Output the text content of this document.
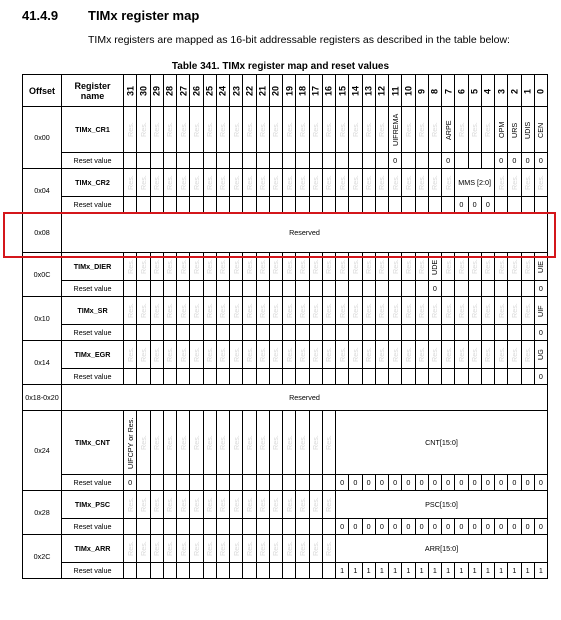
41.4.9 TIMx register map
TIMx registers are mapped as 16-bit addressable registers as described in the table below:
Table 341. TIMx register map and reset values
Offset	Register name	31	30	29	28	27	26	25	24	23	22	21	20	19	18	17	16	15	14	13	12	11	10	9	8	7	6	5	4	3	2	1	0
0x00	TIMx_CR1	Res.	Res.	Res.	Res.	Res.	Res.	Res.	Res.	Res.	Res.	Res.	Res.	Res.	Res.	Res.	Res.	Res.	Res.	Res.	Res.	UIFREMA	Res.	Res.	Res.	ARPE	Res.	Res.	Res.	OPM	URS	UDIS	CEN
	Reset value																					0				0				0	0	0	0
0x04	TIMx_CR2	Res.	Res.	Res.	Res.	Res.	Res.	Res.	Res.	Res.	Res.	Res.	Res.	Res.	Res.	Res.	Res.	Res.	Res.	Res.	Res.	Res.	Res.	Res.	Res.	Res.	MMS [2:0]			Res.	Res.	Res.	Res.
	Reset value																										0	0	0				
0x08	Reserved																																
0x0C	TIMx_DIER	Res.	Res.	Res.	Res.	Res.	Res.	Res.	Res.	Res.	Res.	Res.	Res.	Res.	Res.	Res.	Res.	Res.	Res.	Res.	Res.	Res.	Res.	Res.	UDE	Res.	Res.	Res.	Res.	Res.	Res.	Res.	UIE
	Reset value																								0								0
0x10	TIMx_SR	Res.	Res.	Res.	Res.	Res.	Res.	Res.	Res.	Res.	Res.	Res.	Res.	Res.	Res.	Res.	Res.	Res.	Res.	Res.	Res.	Res.	Res.	Res.	Res.	Res.	Res.	Res.	Res.	Res.	Res.	Res.	UIF
	Reset value																																0
0x14	TIMx_EGR	Res.	Res.	Res.	Res.	Res.	Res.	Res.	Res.	Res.	Res.	Res.	Res.	Res.	Res.	Res.	Res.	Res.	Res.	Res.	Res.	Res.	Res.	Res.	Res.	Res.	Res.	Res.	Res.	Res.	Res.	Res.	UG
	Reset value																																0
0x18-0x20	Reserved																																
0x24	TIMx_CNT	UIFCPY or Res.	Res.	Res.	Res.	Res.	Res.	Res.	Res.	Res.	Res.	Res.	Res.	Res.	Res.	Res.	Res.	CNT[15:0]															
	Reset value	0																0	0	0	0	0	0	0	0	0	0	0	0	0	0	0	0
0x28	TIMx_PSC	Res.	Res.	Res.	Res.	Res.	Res.	Res.	Res.	Res.	Res.	Res.	Res.	Res.	Res.	Res.	Res.	PSC[15:0]															
	Reset value																	0	0	0	0	0	0	0	0	0	0	0	0	0	0	0	0
0x2C	TIMx_ARR	Res.	Res.	Res.	Res.	Res.	Res.	Res.	Res.	Res.	Res.	Res.	Res.	Res.	Res.	Res.	Res.	ARR[15:0]															
	Reset value																	1	1	1	1	1	1	1	1	1	1	1	1	1	1	1	1
